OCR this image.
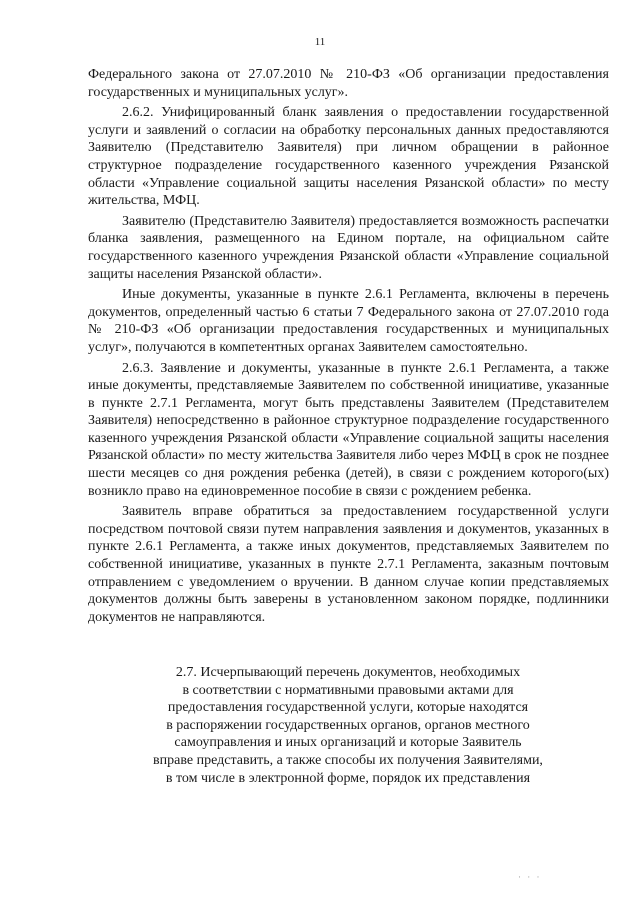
11

Федерального закона от 27.07.2010 № 210-ФЗ «Об организации предоставления государственных и муниципальных услуг».

2.6.2. Унифицированный бланк заявления о предоставлении государственной услуги и заявлений о согласии на обработку персональных данных предоставляются Заявителю (Представителю Заявителя) при личном обращении в районное структурное подразделение государственного казенного учреждения Рязанской области «Управление социальной защиты населения Рязанской области» по месту жительства, МФЦ.

Заявителю (Представителю Заявителя) предоставляется возможность распечатки бланка заявления, размещенного на Едином портале, на официальном сайте государственного казенного учреждения Рязанской области «Управление социальной защиты населения Рязанской области».

Иные документы, указанные в пункте 2.6.1 Регламента, включены в перечень документов, определенный частью 6 статьи 7 Федерального закона от 27.07.2010 года № 210-ФЗ «Об организации предоставления государственных и муниципальных услуг», получаются в компетентных органах Заявителем самостоятельно.

2.6.3. Заявление и документы, указанные в пункте 2.6.1 Регламента, а также иные документы, представляемые Заявителем по собственной инициативе, указанные в пункте 2.7.1 Регламента, могут быть представлены Заявителем (Представителем Заявителя) непосредственно в районное структурное подразделение государственного казенного учреждения Рязанской области «Управление социальной защиты населения Рязанской области» по месту жительства Заявителя либо через МФЦ в срок не позднее шести месяцев со дня рождения ребенка (детей), в связи с рождением которого(ых) возникло право на единовременное пособие в связи с рождением ребенка.

Заявитель вправе обратиться за предоставлением государственной услуги посредством почтовой связи путем направления заявления и документов, указанных в пункте 2.6.1 Регламента, а также иных документов, представляемых Заявителем по собственной инициативе, указанных в пункте 2.7.1 Регламента, заказным почтовым отправлением с уведомлением о вручении. В данном случае копии представляемых документов должны быть заверены в установленном законом порядке, подлинники документов не направляются.

2.7. Исчерпывающий перечень документов, необходимых
в соответствии с нормативными правовыми актами для
предоставления государственной услуги, которые находятся
в распоряжении государственных органов, органов местного
самоуправления и иных организаций и которые Заявитель
вправе представить, а также способы их получения Заявителями,
в том числе в электронной форме, порядок их представления
· · ·
